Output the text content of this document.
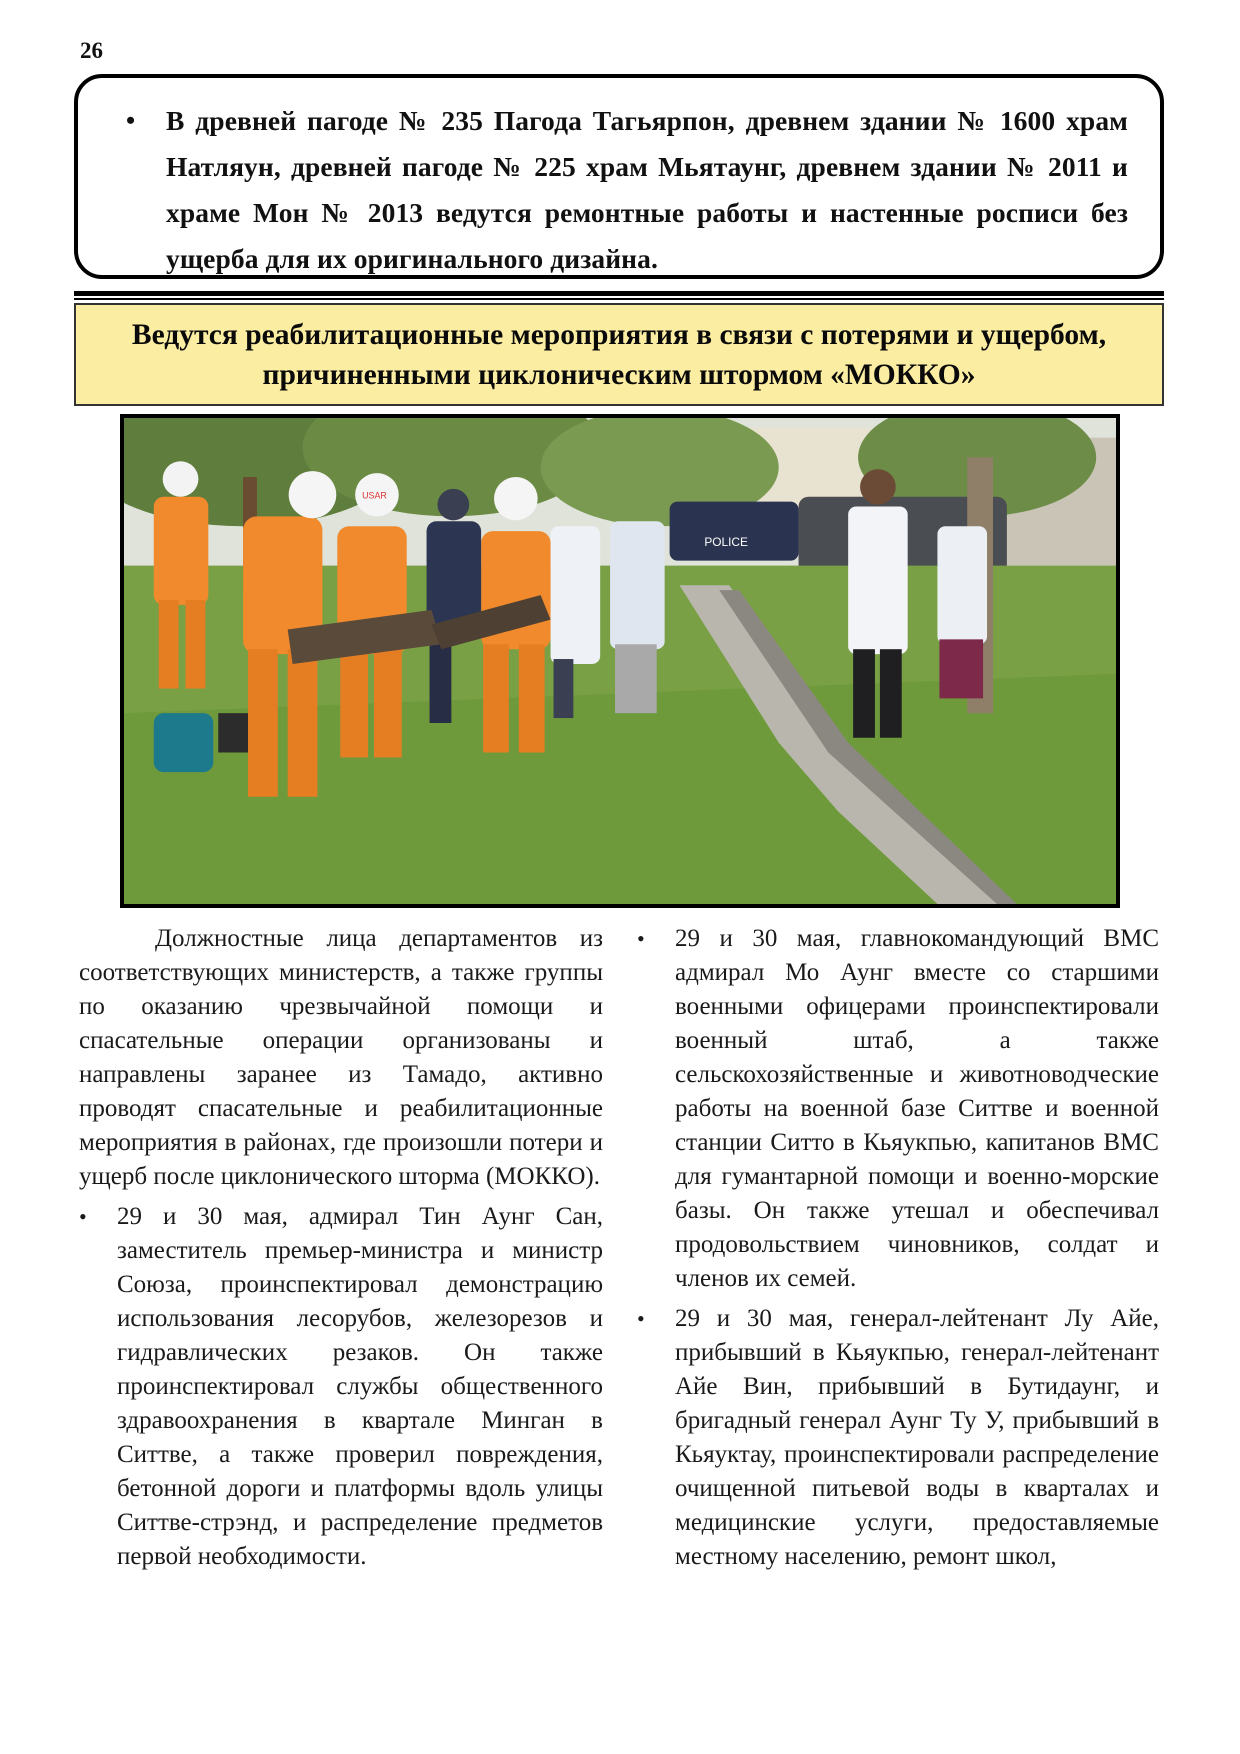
26
• В древней пагоде № 235 Пагода Тагьярпон, древнем здании № 1600 храм Натляун, древней пагоде № 225 храм Мьятаунг, древнем здании № 2011 и храме Мон № 2013 ведутся ремонтные работы и настенные росписи без ущерба для их оригинального дизайна.
Ведутся реабилитационные мероприятия в связи с потерями и ущербом,
причиненными циклоническим штормом «МОККО»
POLICE
USAR

Должностные лица департаментов из соответствующих министерств, а также группы по оказанию чрезвычайной помощи и спасательные операции организованы и направлены заранее из Тамадо, активно проводят спасательные и реабилитационные мероприятия в районах, где произошли потери и ущерб после циклонического шторма (МОККО).

• 29 и 30 мая, адмирал Тин Аунг Сан, заместитель премьер-министра и министр Союза, проинспектировал демонстрацию использования лесорубов, железорезов и гидравлических резаков. Он также проинспектировал службы общественного здравоохранения в квартале Минган в Ситтве, а также проверил повреждения, бетонной дороги и платформы вдоль улицы Ситтве-стрэнд, и распределение предметов первой необходимости.
• 29 и 30 мая, главнокомандующий ВМС адмирал Мо Аунг вместе со старшими военными офицерами проинспектировали военный штаб, а также сельскохозяйственные и животноводческие работы на военной базе Ситтве и военной станции Ситто в Кьяукпью, капитанов ВМС для гумантарной помощи и военно-морские базы. Он также утешал и обеспечивал продовольствием чиновников, солдат и членов их семей.
• 29 и 30 мая, генерал-лейтенант Лу Айе, прибывший в Кьяукпью, генерал-лейтенант Айе Вин, прибывший в Бутидаунг, и бригадный генерал Аунг Ту У, прибывший в Кьяуктау, проинспектировали распределение очищенной питьевой воды в кварталах и медицинские услуги, предоставляемые местному населению, ремонт школ,
